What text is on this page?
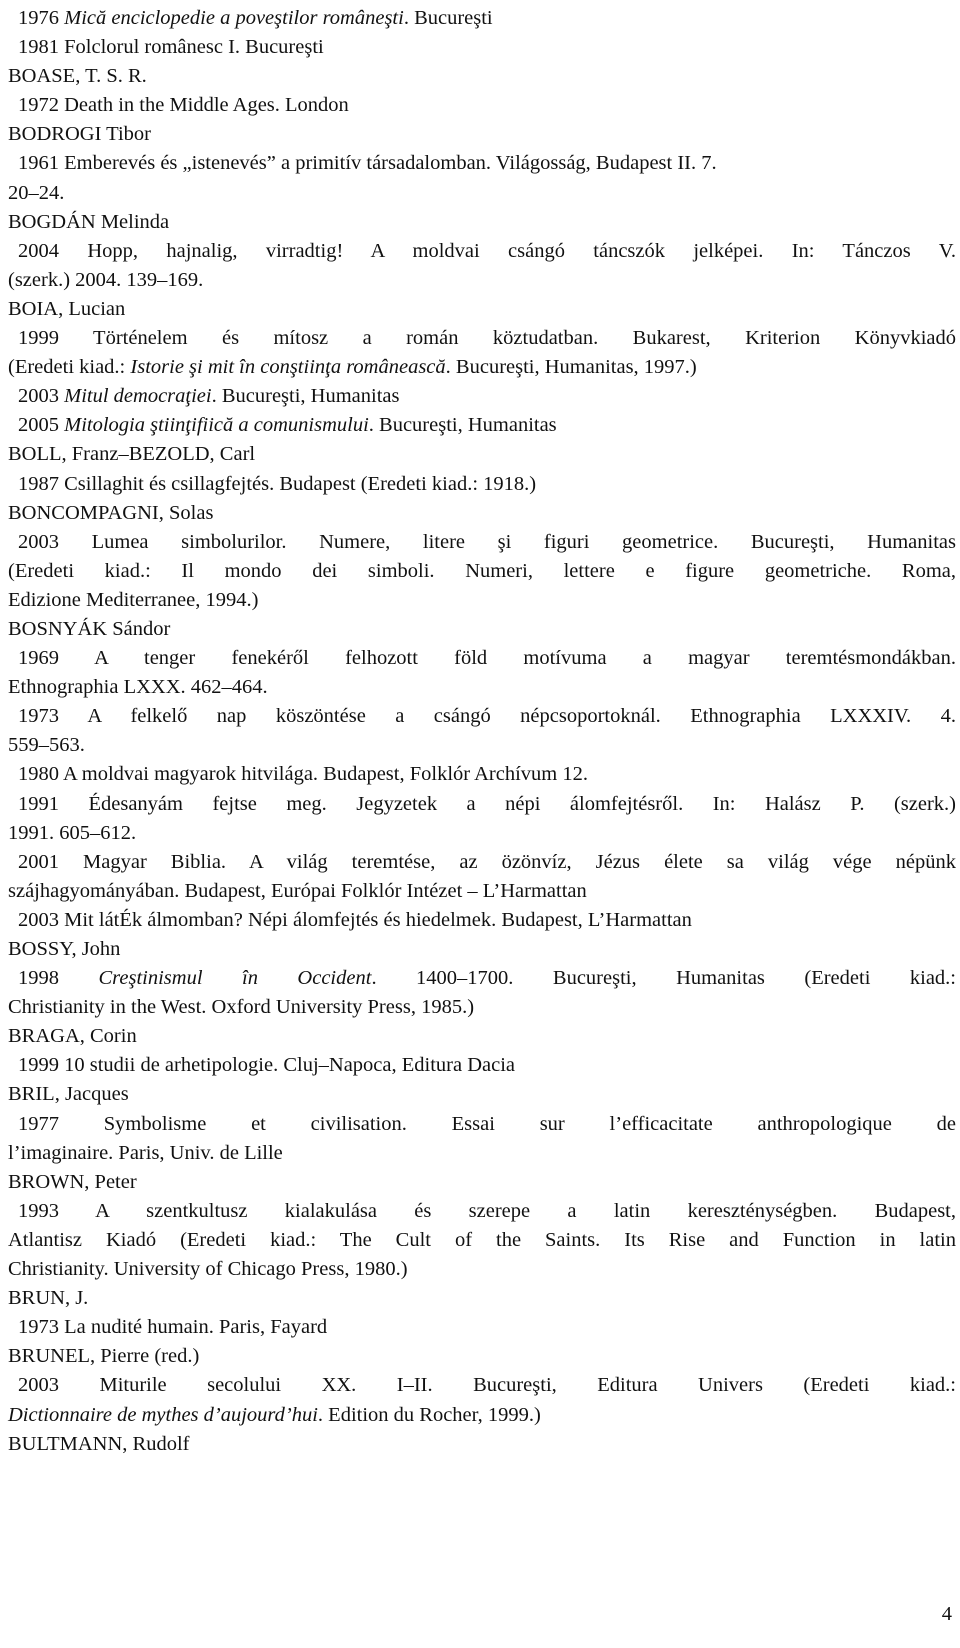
1976 Mică enciclopedie a poveştilor româneşti. Bucureşti
1981 Folclorul românesc I. Bucureşti
BOASE, T. S. R.
1972 Death in the Middle Ages. London
BODROGI Tibor
1961 Emberevés és „istenevés” a primitív társadalomban. Világosság, Budapest II. 7.
20–24.
BOGDÁN Melinda
2004 Hopp, hajnalig, virradtig! A moldvai csángó táncszók jelképei. In: Tánczos V.
(szerk.) 2004. 139–169.
BOIA, Lucian
1999 Történelem és mítosz a román köztudatban. Bukarest, Kriterion Könyvkiadó
(Eredeti kiad.: Istorie şi mit în conştiinţa românească. Bucureşti, Humanitas, 1997.)
2003 Mitul democraţiei. Bucureşti, Humanitas
2005 Mitologia ştiinţifiică a comunismului. Bucureşti, Humanitas
BOLL, Franz–BEZOLD, Carl
1987 Csillaghit és csillagfejtés. Budapest (Eredeti kiad.: 1918.)
BONCOMPAGNI, Solas
2003 Lumea simbolurilor. Numere, litere şi figuri geometrice. Bucureşti, Humanitas
(Eredeti kiad.: Il mondo dei simboli. Numeri, lettere e figure geometriche. Roma,
Edizione Mediterranee, 1994.)
BOSNYÁK Sándor
1969 A tenger fenekéről felhozott föld motívuma a magyar teremtésmondákban.
Ethnographia LXXX. 462–464.
1973 A felkelő nap köszöntése a csángó népcsoportoknál. Ethnographia LXXXIV. 4.
559–563.
1980 A moldvai magyarok hitvilága. Budapest, Folklór Archívum 12.
1991 Édesanyám fejtse meg. Jegyzetek a népi álomfejtésről. In: Halász P. (szerk.)
1991. 605–612.
2001 Magyar Biblia. A világ teremtése, az özönvíz, Jézus élete sa világ vége népünk
szájhagyományában. Budapest, Európai Folklór Intézet – L’Harmattan
2003 Mit látÉk álmomban? Népi álomfejtés és hiedelmek. Budapest, L’Harmattan
BOSSY, John
1998 Creştinismul în Occident. 1400–1700. Bucureşti, Humanitas (Eredeti kiad.:
Christianity in the West. Oxford University Press, 1985.)
BRAGA, Corin
1999 10 studii de arhetipologie. Cluj–Napoca, Editura Dacia
BRIL, Jacques
1977 Symbolisme et civilisation. Essai sur l’efficacitate anthropologique de
l’imaginaire. Paris, Univ. de Lille
BROWN, Peter
1993 A szentkultusz kialakulása és szerepe a latin kereszténységben. Budapest,
Atlantisz Kiadó (Eredeti kiad.: The Cult of the Saints. Its Rise and Function in latin
Christianity. University of Chicago Press, 1980.)
BRUN, J.
1973 La nudité humain. Paris, Fayard
BRUNEL, Pierre (red.)
2003 Miturile secolului XX. I–II. Bucureşti, Editura Univers (Eredeti kiad.:
Dictionnaire de mythes d’aujourd’hui. Edition du Rocher, 1999.)
BULTMANN, Rudolf
4
